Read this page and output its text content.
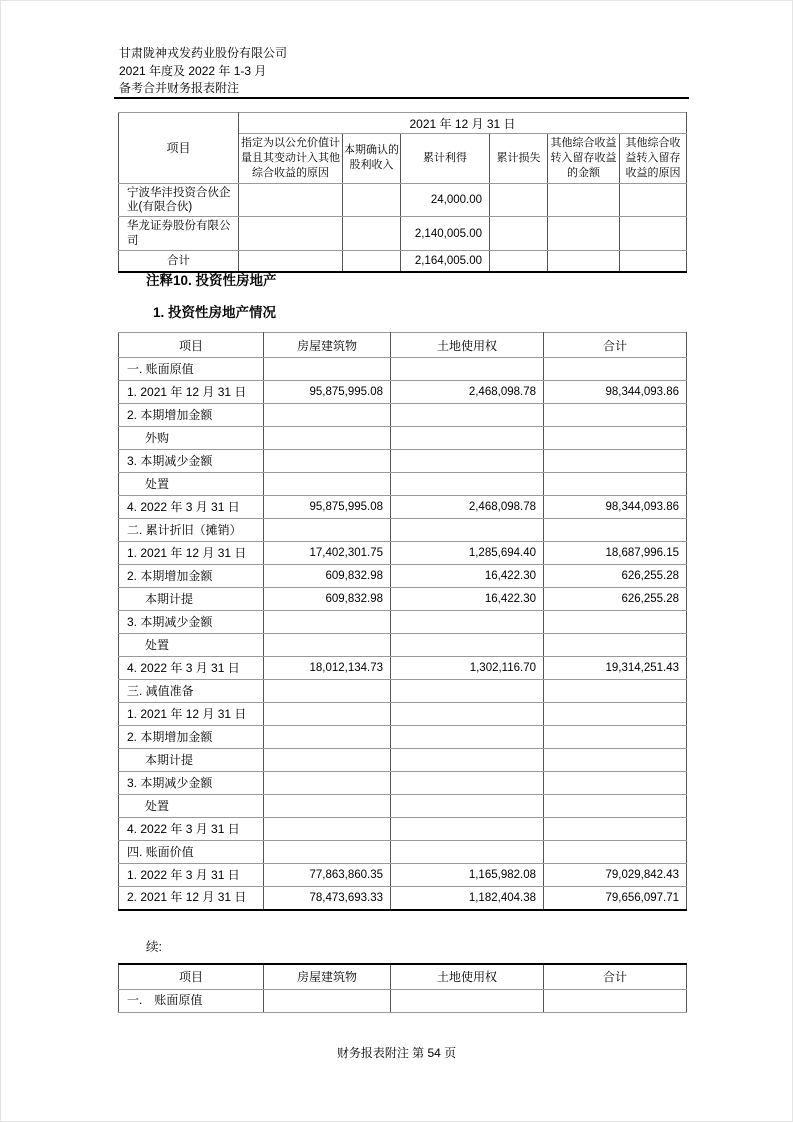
甘肃陇神戎发药业股份有限公司
2021 年度及 2022 年 1-3 月
备考合并财务报表附注
项目	2021 年 12 月 31 日					
	指定为以公允价值计量且其变动计入其他综合收益的原因	本期确认的股利收入	累计利得	累计损失	其他综合收益转入留存收益的金额	其他综合收益转入留存收益的原因
宁波华沣投资合伙企业(有限合伙)			24,000.00			
华龙证券股份有限公司			2,140,005.00			
合计			2,164,005.00			
注释10. 投资性房地产
1. 投资性房地产情况
项目	房屋建筑物	土地使用权	合计
一. 账面原值			
1. 2021 年 12 月 31 日	95,875,995.08	2,468,098.78	98,344,093.86
2. 本期增加金额			
外购			
3. 本期减少金额			
处置			
4. 2022 年 3 月 31 日	95,875,995.08	2,468,098.78	98,344,093.86
二. 累计折旧（摊销）			
1. 2021 年 12 月 31 日	17,402,301.75	1,285,694.40	18,687,996.15
2. 本期增加金额	609,832.98	16,422.30	626,255.28
本期计提	609,832.98	16,422.30	626,255.28
3. 本期减少金额			
处置			
4. 2022 年 3 月 31 日	18,012,134.73	1,302,116.70	19,314,251.43
三. 减值准备			
1. 2021 年 12 月 31 日			
2. 本期增加金额			
本期计提			
3. 本期减少金额			
处置			
4. 2022 年 3 月 31 日			
四. 账面价值			
1. 2022 年 3 月 31 日	77,863,860.35	1,165,982.08	79,029,842.43
2. 2021 年 12 月 31 日	78,473,693.33	1,182,404.38	79,656,097.71
续:
项目	房屋建筑物	土地使用权	合计
一.　账面原值			
财务报表附注 第 54 页
